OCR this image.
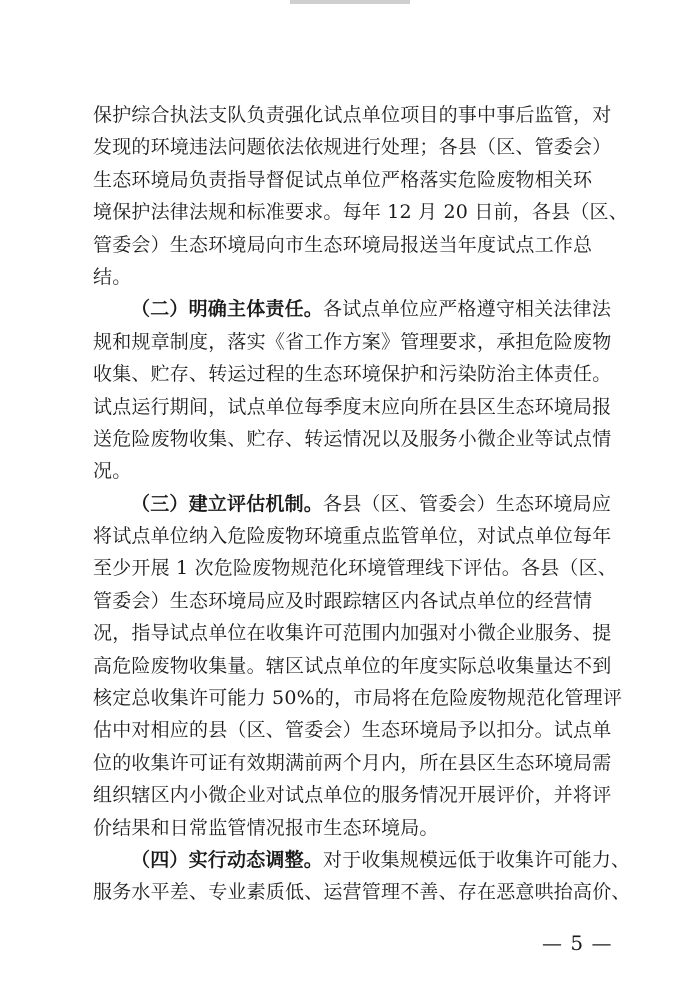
保护综合执法支队负责强化试点单位项目的事中事后监管，对
发现的环境违法问题依法依规进行处理；各县（区、管委会）
生态环境局负责指导督促试点单位严格落实危险废物相关环
境保护法律法规和标准要求。每年 12 月 20 日前，各县（区、
管委会）生态环境局向市生态环境局报送当年度试点工作总
结。
（二）明确主体责任。各试点单位应严格遵守相关法律法
规和规章制度，落实《省工作方案》管理要求，承担危险废物
收集、贮存、转运过程的生态环境保护和污染防治主体责任。
试点运行期间，试点单位每季度末应向所在县区生态环境局报
送危险废物收集、贮存、转运情况以及服务小微企业等试点情
况。
（三）建立评估机制。各县（区、管委会）生态环境局应
将试点单位纳入危险废物环境重点监管单位，对试点单位每年
至少开展 1 次危险废物规范化环境管理线下评估。各县（区、
管委会）生态环境局应及时跟踪辖区内各试点单位的经营情
况，指导试点单位在收集许可范围内加强对小微企业服务、提
高危险废物收集量。辖区试点单位的年度实际总收集量达不到
核定总收集许可能力 50%的，市局将在危险废物规范化管理评
估中对相应的县（区、管委会）生态环境局予以扣分。试点单
位的收集许可证有效期满前两个月内，所在县区生态环境局需
组织辖区内小微企业对试点单位的服务情况开展评价，并将评
价结果和日常监管情况报市生态环境局。
（四）实行动态调整。对于收集规模远低于收集许可能力、
服务水平差、专业素质低、运营管理不善、存在恶意哄抬高价、
— 5 —
